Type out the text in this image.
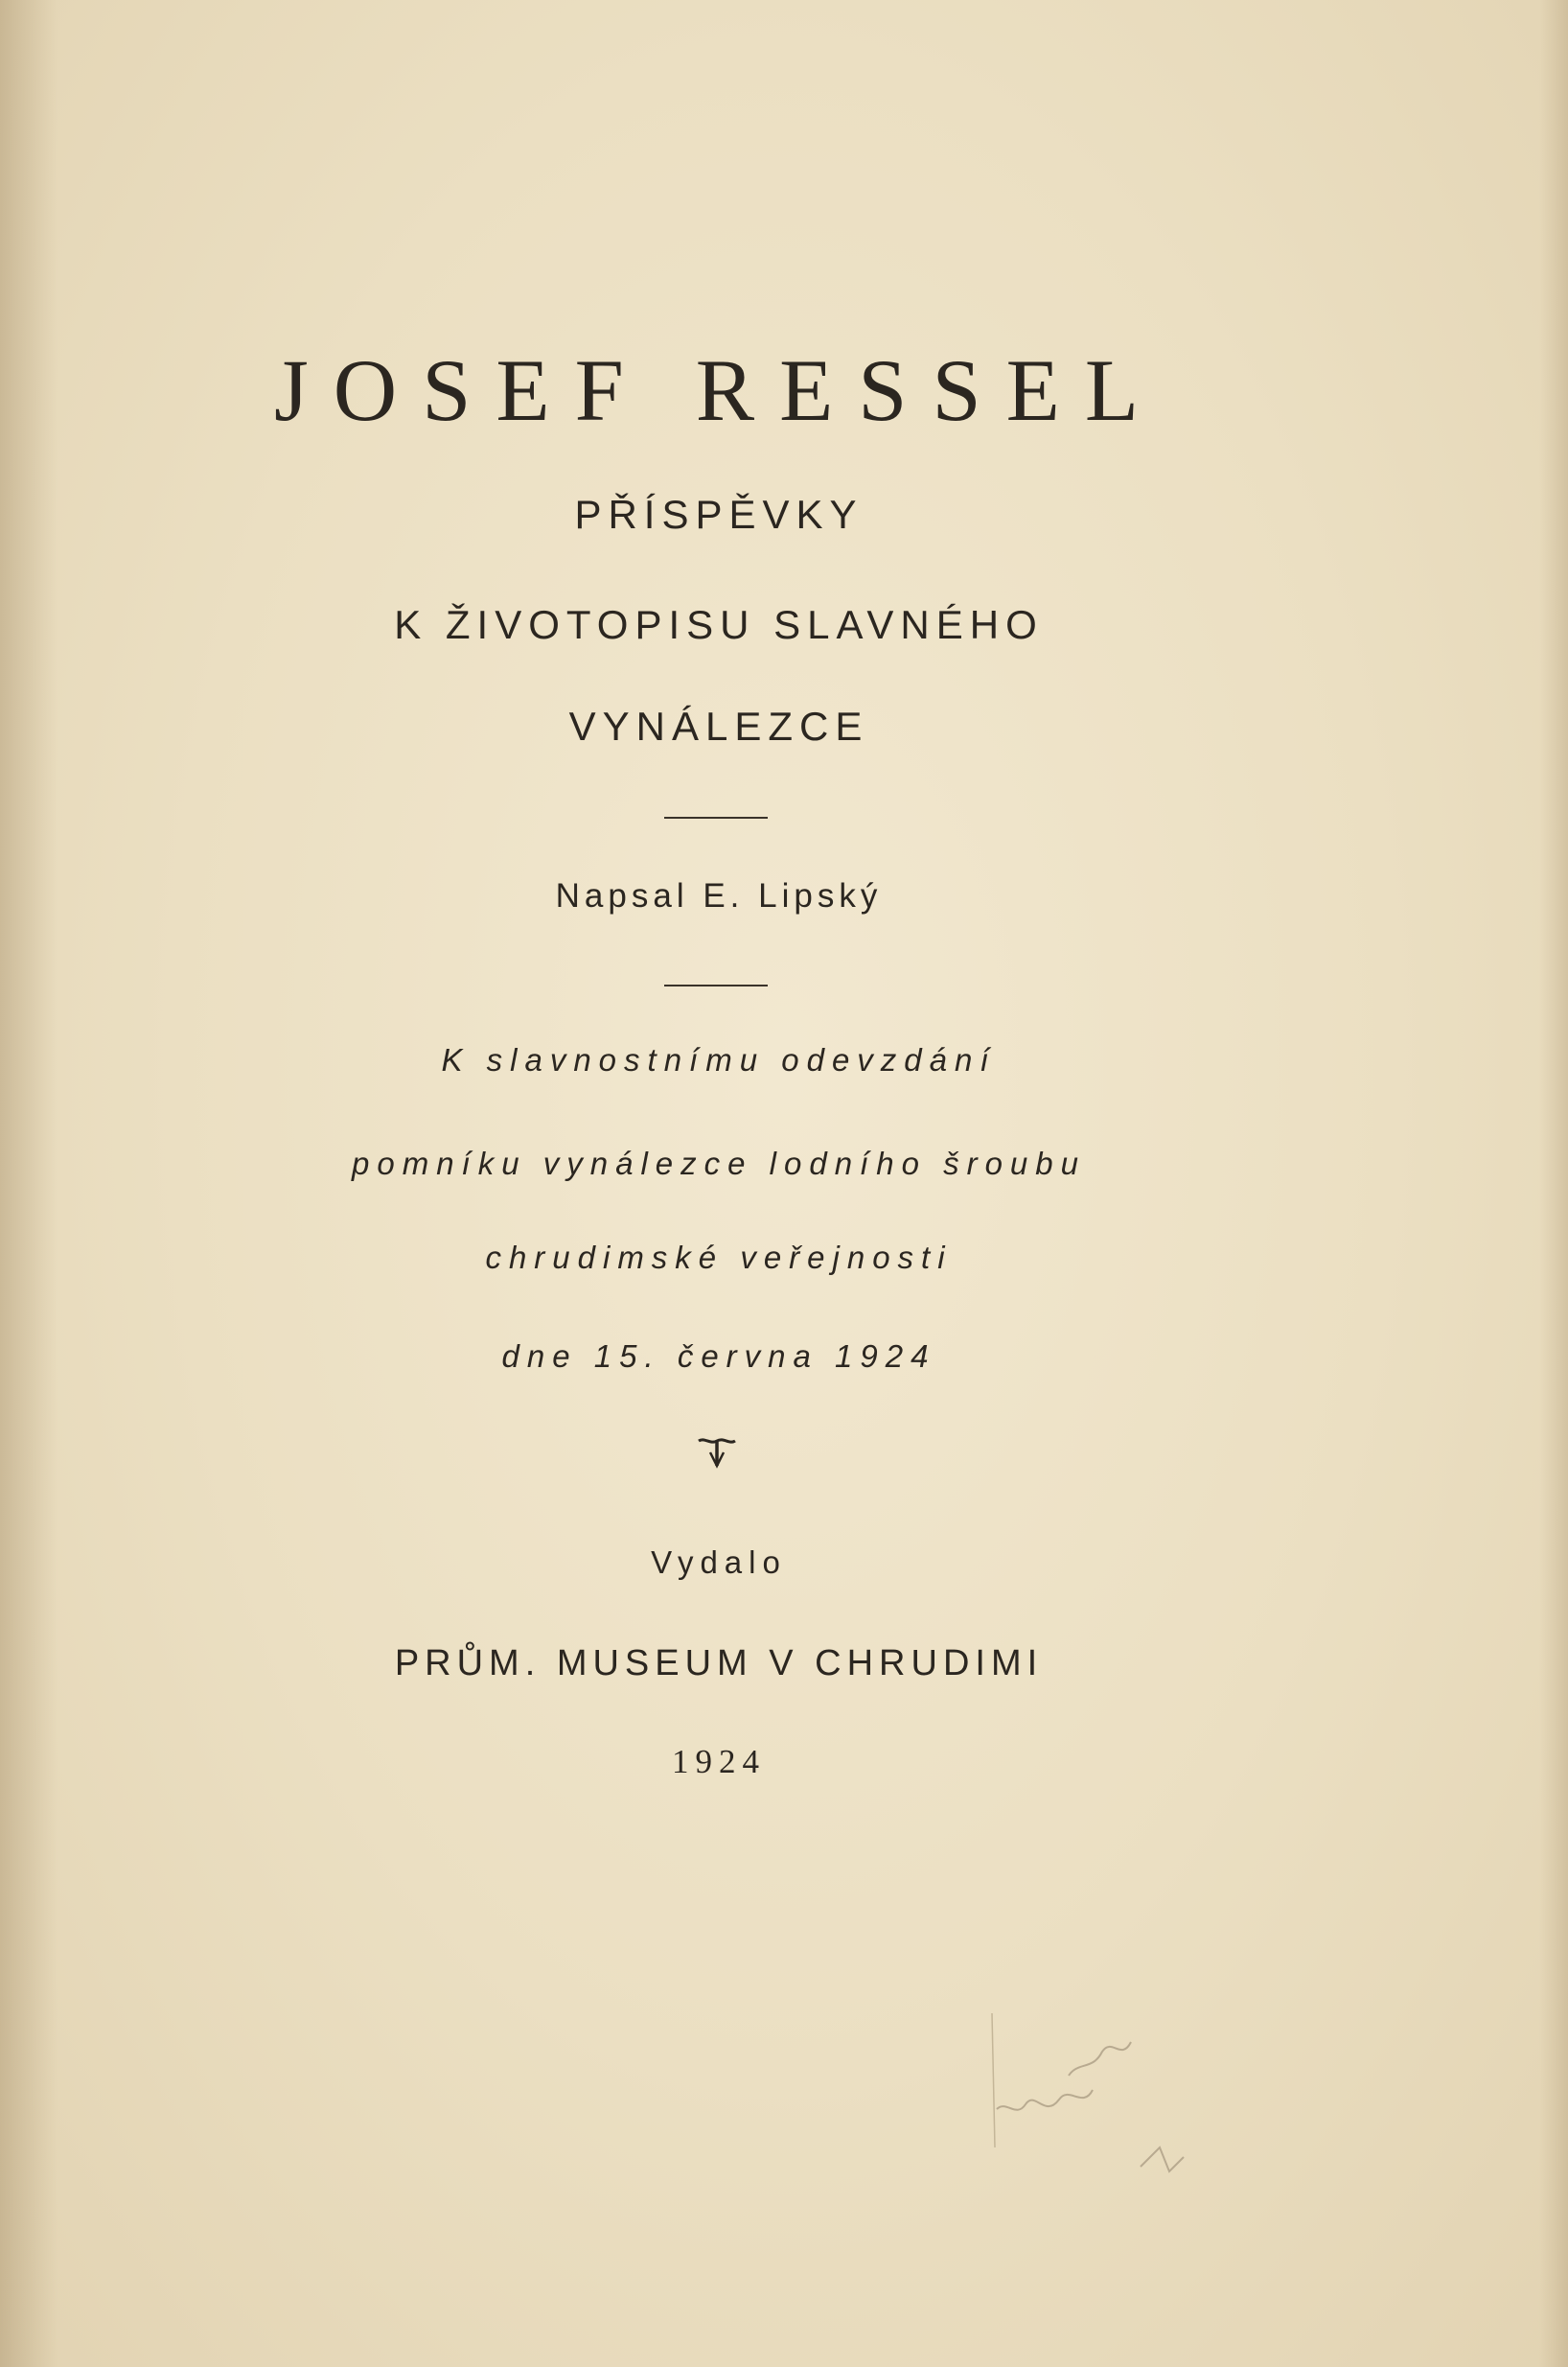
JOSEF RESSEL
PŘÍSPĚVKY
K ŽIVOTOPISU SLAVNÉHO
VYNÁLEZCE
Napsal E. Lipský
K slavnostnímu odevzdání
pomníku vynálezce lodního šroubu
chrudimské veřejnosti
dne 15. června 1924
Vydalo
PRŮM. MUSEUM V CHRUDIMI
1924
